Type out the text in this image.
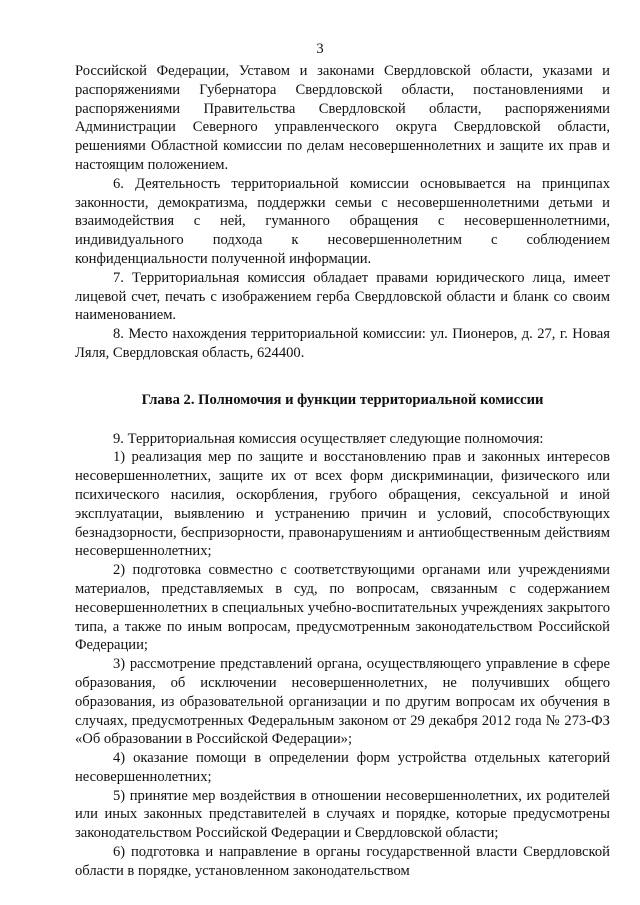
3

Российской Федерации, Уставом и законами Свердловской области, указами и распоряжениями Губернатора Свердловской области, постановлениями и распоряжениями Правительства Свердловской области, распоряжениями Администрации Северного управленческого округа Свердловской области, решениями Областной комиссии по делам несовершеннолетних и защите их прав и настоящим положением.

6. Деятельность территориальной комиссии основывается на принципах законности, демократизма, поддержки семьи с несовершеннолетними детьми и взаимодействия с ней, гуманного обращения с несовершеннолетними, индивидуального подхода к несовершеннолетним с соблюдением конфиденциальности полученной информации.

7. Территориальная комиссия обладает правами юридического лица, имеет лицевой счет, печать с изображением герба Свердловской области и бланк со своим наименованием.

8. Место нахождения территориальной комиссии: ул. Пионеров, д. 27, г. Новая Ляля, Свердловская область, 624400.

Глава 2. Полномочия и функции территориальной комиссии

9. Территориальная комиссия осуществляет следующие полномочия:

1) реализация мер по защите и восстановлению прав и законных интересов несовершеннолетних, защите их от всех форм дискриминации, физического или психического насилия, оскорбления, грубого обращения, сексуальной и иной эксплуатации, выявлению и устранению причин и условий, способствующих безнадзорности, беспризорности, правонарушениям и антиобщественным действиям несовершеннолетних;

2) подготовка совместно с соответствующими органами или учреждениями материалов, представляемых в суд, по вопросам, связанным с содержанием несовершеннолетних в специальных учебно-воспитательных учреждениях закрытого типа, а также по иным вопросам, предусмотренным законодательством Российской Федерации;

3) рассмотрение представлений органа, осуществляющего управление в сфере образования, об исключении несовершеннолетних, не получивших общего образования, из образовательной организации и по другим вопросам их обучения в случаях, предусмотренных Федеральным законом от 29 декабря 2012 года № 273-ФЗ «Об образовании в Российской Федерации»;

4) оказание помощи в определении форм устройства отдельных категорий несовершеннолетних;

5) принятие мер воздействия в отношении несовершеннолетних, их родителей или иных законных представителей в случаях и порядке, которые предусмотрены законодательством Российской Федерации и Свердловской области;

6) подготовка и направление в органы государственной власти Свердловской области в порядке, установленном законодательством
